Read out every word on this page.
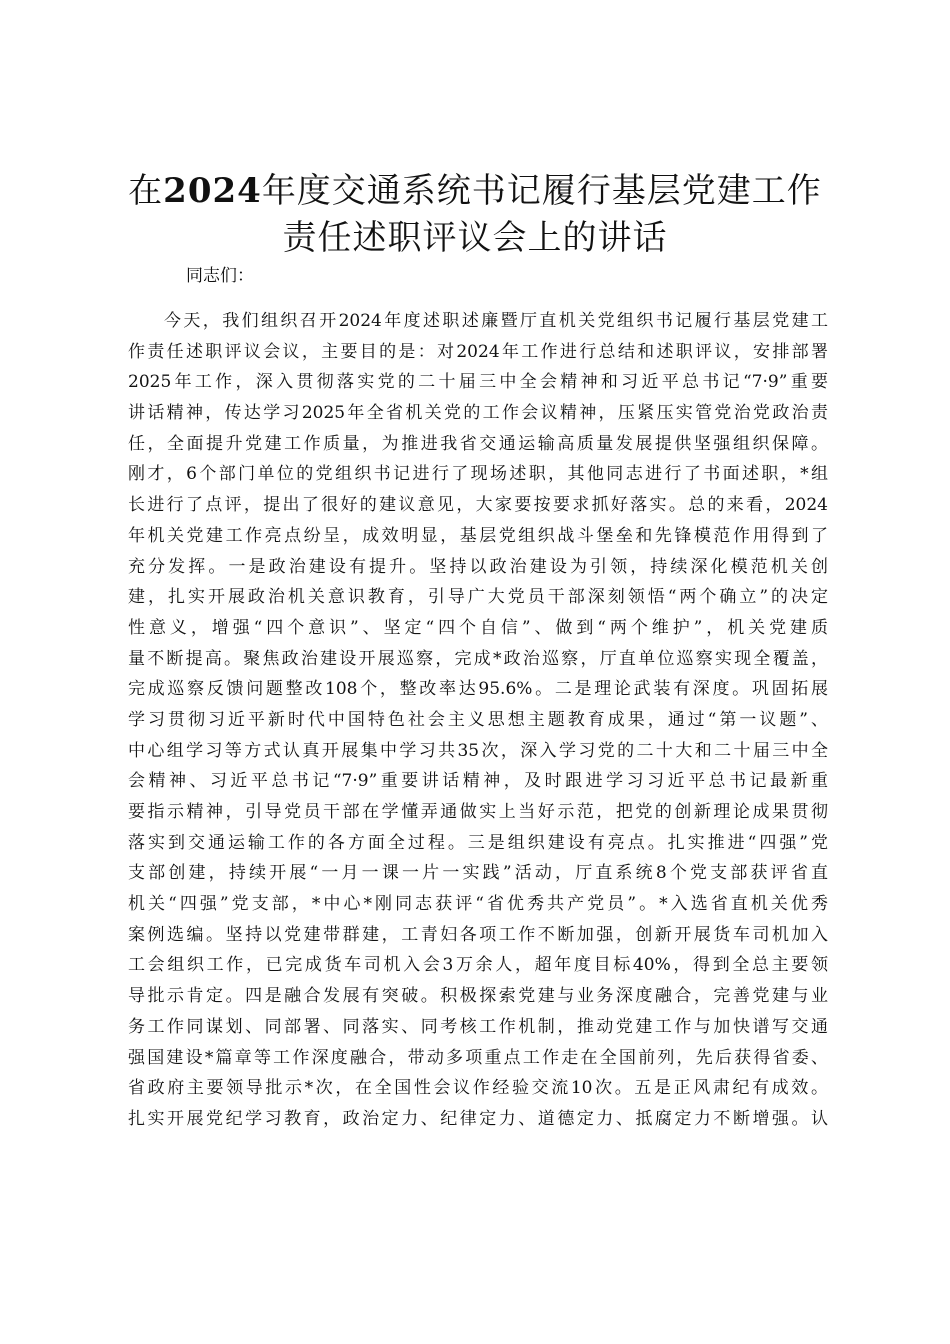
在2024年度交通系统书记履行基层党建工作
责任述职评议会上的讲话
同志们：
今天，我们组织召开2024年度述职述廉暨厅直机关党组织书记履行基层党建工
作责任述职评议会议，主要目的是：对2024年工作进行总结和述职评议，安排部署
2025年工作，深入贯彻落实党的二十届三中全会精神和习近平总书记“7·9”重要
讲话精神，传达学习2025年全省机关党的工作会议精神，压紧压实管党治党政治责
任，全面提升党建工作质量，为推进我省交通运输高质量发展提供坚强组织保障。
刚才，6个部门单位的党组织书记进行了现场述职，其他同志进行了书面述职，*组
长进行了点评，提出了很好的建议意见，大家要按要求抓好落实。总的来看，2024
年机关党建工作亮点纷呈，成效明显，基层党组织战斗堡垒和先锋模范作用得到了
充分发挥。一是政治建设有提升。坚持以政治建设为引领，持续深化模范机关创
建，扎实开展政治机关意识教育，引导广大党员干部深刻领悟“两个确立”的决定
性意义，增强“四个意识”、坚定“四个自信”、做到“两个维护”，机关党建质
量不断提高。聚焦政治建设开展巡察，完成*政治巡察，厅直单位巡察实现全覆盖，
完成巡察反馈问题整改108个，整改率达95.6%。二是理论武装有深度。巩固拓展
学习贯彻习近平新时代中国特色社会主义思想主题教育成果，通过“第一议题”、
中心组学习等方式认真开展集中学习共35次，深入学习党的二十大和二十届三中全
会精神、习近平总书记“7·9”重要讲话精神，及时跟进学习习近平总书记最新重
要指示精神，引导党员干部在学懂弄通做实上当好示范，把党的创新理论成果贯彻
落实到交通运输工作的各方面全过程。三是组织建设有亮点。扎实推进“四强”党
支部创建，持续开展“一月一课一片一实践”活动，厅直系统8个党支部获评省直
机关“四强”党支部，*中心*刚同志获评“省优秀共产党员”。*入选省直机关优秀
案例选编。坚持以党建带群建，工青妇各项工作不断加强，创新开展货车司机加入
工会组织工作，已完成货车司机入会3万余人，超年度目标40%，得到全总主要领
导批示肯定。四是融合发展有突破。积极探索党建与业务深度融合，完善党建与业
务工作同谋划、同部署、同落实、同考核工作机制，推动党建工作与加快谱写交通
强国建设*篇章等工作深度融合，带动多项重点工作走在全国前列，先后获得省委、
省政府主要领导批示*次，在全国性会议作经验交流10次。五是正风肃纪有成效。
扎实开展党纪学习教育，政治定力、纪律定力、道德定力、抵腐定力不断增强。认
